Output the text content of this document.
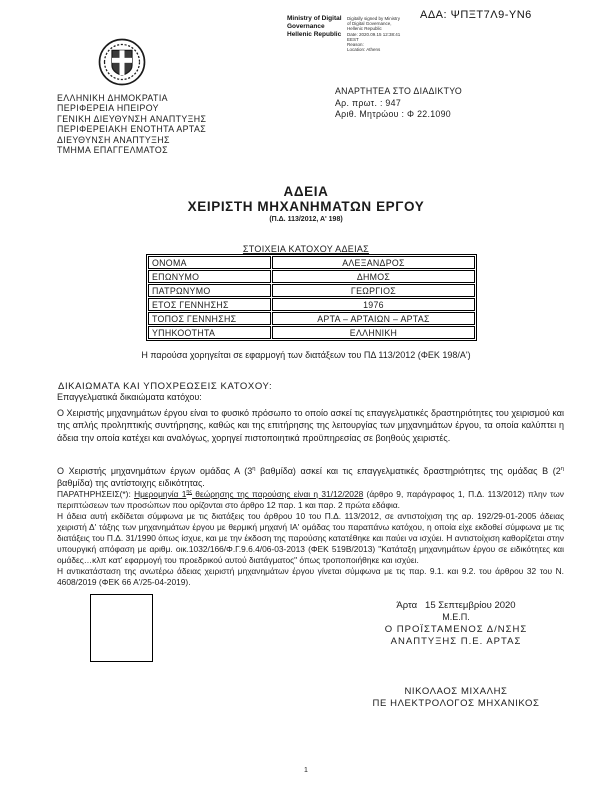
ΑΔΑ: ΨΠΞΤ7Λ9-ΥΝ6
Ministry of Digital
Governance
Hellenic Republic
Digitally signed by Ministry
of Digital Governance,
Hellenic Republic
Date: 2020.09.15 12:38:41
EEST
Reason:
Location: Athens
ΕΛΛΗΝΙΚΗ ΔΗΜΟΚΡΑΤΙΑ
ΠΕΡΙΦΕΡΕΙΑ ΗΠΕΙΡΟΥ
ΓΕΝΙΚΗ ΔΙΕΥΘΥΝΣΗ ΑΝΑΠΤΥΞΗΣ
ΠΕΡΙΦΕΡΕΙΑΚΗ ΕΝΟΤΗΤΑ ΑΡΤΑΣ
ΔΙΕΥΘΥΝΣΗ ΑΝΑΠΤΥΞΗΣ
ΤΜΗΜΑ ΕΠΑΓΓΕΛΜΑΤΟΣ
ΑΝΑΡΤΗΤΕΑ ΣΤΟ ΔΙΑΔΙΚΤΥΟ
Αρ. πρωτ. : 947
Αριθ. Μητρώου : Φ 22.1090
ΑΔΕΙΑ
ΧΕΙΡΙΣΤΗ ΜΗΧΑΝΗΜΑΤΩΝ ΕΡΓΟΥ
(Π.Δ. 113/2012, Α' 198)
ΣΤΟΙΧΕΙΑ ΚΑΤΟΧΟΥ ΑΔΕΙΑΣ
ΟΝΟΜΑ	ΑΛΕΞΑΝΔΡΟΣ
ΕΠΩΝΥΜΟ	ΔΗΜΟΣ
ΠΑΤΡΩΝΥΜΟ	ΓΕΩΡΓΙΟΣ
ΕΤΟΣ ΓΕΝΝΗΣΗΣ	1976
ΤΟΠΟΣ ΓΕΝΝΗΣΗΣ	ΑΡΤΑ – ΑΡΤΑΙΩΝ – ΑΡΤΑΣ
ΥΠΗΚΟΟΤΗΤΑ	ΕΛΛΗΝΙΚΗ
Η παρούσα χορηγείται σε εφαρμογή των διατάξεων του ΠΔ 113/2012 (ΦΕΚ 198/Α')
ΔΙΚΑΙΩΜΑΤΑ ΚΑΙ ΥΠΟΧΡΕΩΣΕΙΣ ΚΑΤΟΧΟΥ:
Επαγγελματικά δικαιώματα κατόχου:
Ο Χειριστής μηχανημάτων έργου είναι το φυσικό πρόσωπο το οποίο ασκεί τις επαγγελματικές δραστηριότητες του χειρισμού και της απλής προληπτικής συντήρησης, καθώς και της επιτήρησης της λειτουργίας των μηχανημάτων έργου, τα οποία καλύπτει η άδεια την οποία κατέχει και αναλόγως, χορηγεί πιστοποιητικά προϋπηρεσίας σε βοηθούς χειριστές.
Ο Χειριστής μηχανημάτων έργων ομάδας Α ($3^\eta$ βαθμίδα) ασκεί και τις επαγγελματικές δραστηριότητες της ομάδας Β ($2^\eta$ βαθμίδα) της αντίστοιχης ειδικότητας.
ΠΑΡΑΤΗΡΗΣΕΙΣ(*): Ημερομηνία $1^{\eta\varsigma}$ θεώρησης της παρούσης είναι η 31/12/2028 (άρθρο 9, παράγραφος 1, Π.Δ. 113/2012) πλην των περιπτώσεων των προσώπων που ορίζονται στο άρθρο 12 παρ. 1 και παρ. 2 πρώτα εδάφια.
Η άδεια αυτή εκδίδεται σύμφωνα με τις διατάξεις του άρθρου 10 του Π.Δ. 113/2012, σε αντιστοίχιση της αρ. 192/29-01-2005 άδειας χειριστή Δ' τάξης των μηχανημάτων έργου με θερμική μηχανή ΙΑ' ομάδας του παραπάνω κατόχου, η οποία είχε εκδοθεί σύμφωνα με τις διατάξεις του Π.Δ. 31/1990 όπως ίσχυε, και με την έκδοση της παρούσης κατατέθηκε και παύει να ισχύει. Η αντιστοίχιση καθορίζεται στην υπουργική απόφαση με αριθμ. οικ.1032/166/Φ.Γ.9.6.4/06-03-2013 (ΦΕΚ 519Β/2013) "Κατάταξη μηχανημάτων έργου σε ειδικότητες και ομάδες…κλπ κατ' εφαρμογή του προεδρικού αυτού διατάγματος" όπως τροποποιήθηκε και ισχύει.
Η αντικατάσταση της ανωτέρω άδειας χειριστή μηχανημάτων έργου γίνεται σύμφωνα με τις παρ. 9.1. και 9.2. του άρθρου 32 του Ν. 4608/2019 (ΦΕΚ 66 Α'/25-04-2019).
Άρτα   15 Σεπτεμβρίου 2020
Μ.Ε.Π.
Ο ΠΡΟΪΣΤΑΜΕΝΟΣ Δ/ΝΣΗΣ
ΑΝΑΠΤΥΞΗΣ Π.Ε. ΑΡΤΑΣ
ΝΙΚΟΛΑΟΣ ΜΙΧΑΛΗΣ
ΠΕ ΗΛΕΚΤΡΟΛΟΓΟΣ ΜΗΧΑΝΙΚΟΣ
1
